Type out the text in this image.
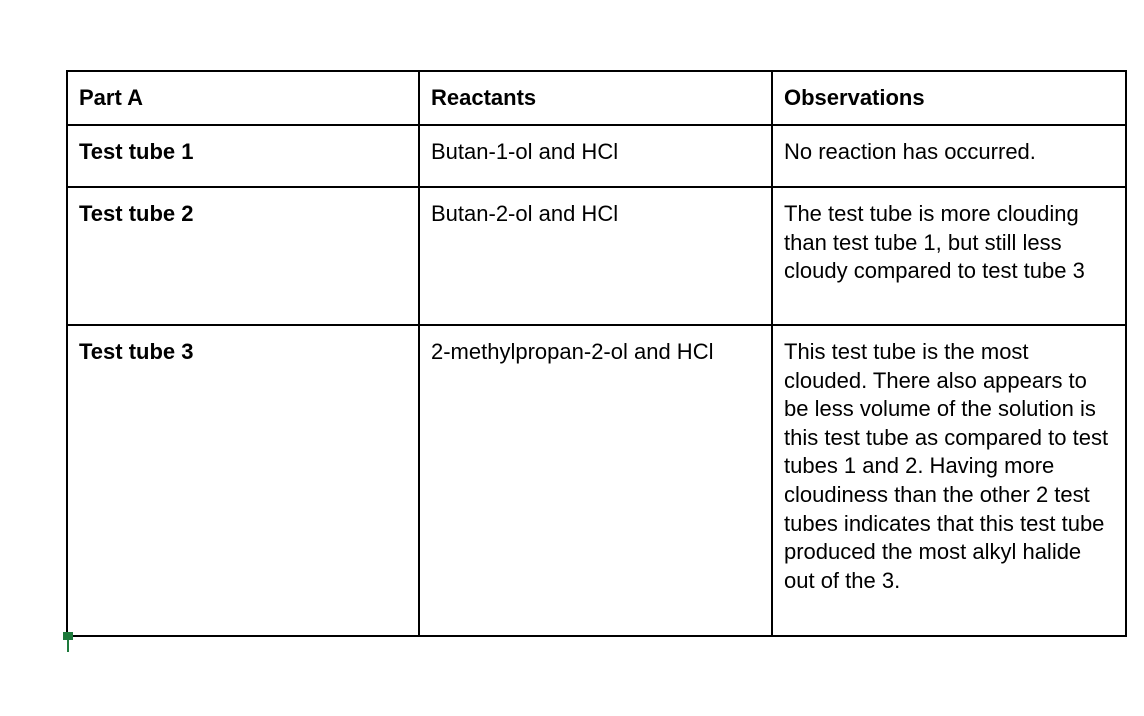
Part A	Reactants	Observations
Test tube 1	Butan-1-ol and HCl	No reaction has occurred.
Test tube 2	Butan-2-ol and HCl	The test tube is more clouding than test tube 1, but still less cloudy compared to test tube 3
Test tube 3	2-methylpropan-2-ol and HCl	This test tube is the most clouded. There also appears to be less volume of the solution is this test tube as compared to test tubes 1 and 2. Having more cloudiness than the other 2 test tubes indicates that this test tube produced the most alkyl halide out of the 3.
